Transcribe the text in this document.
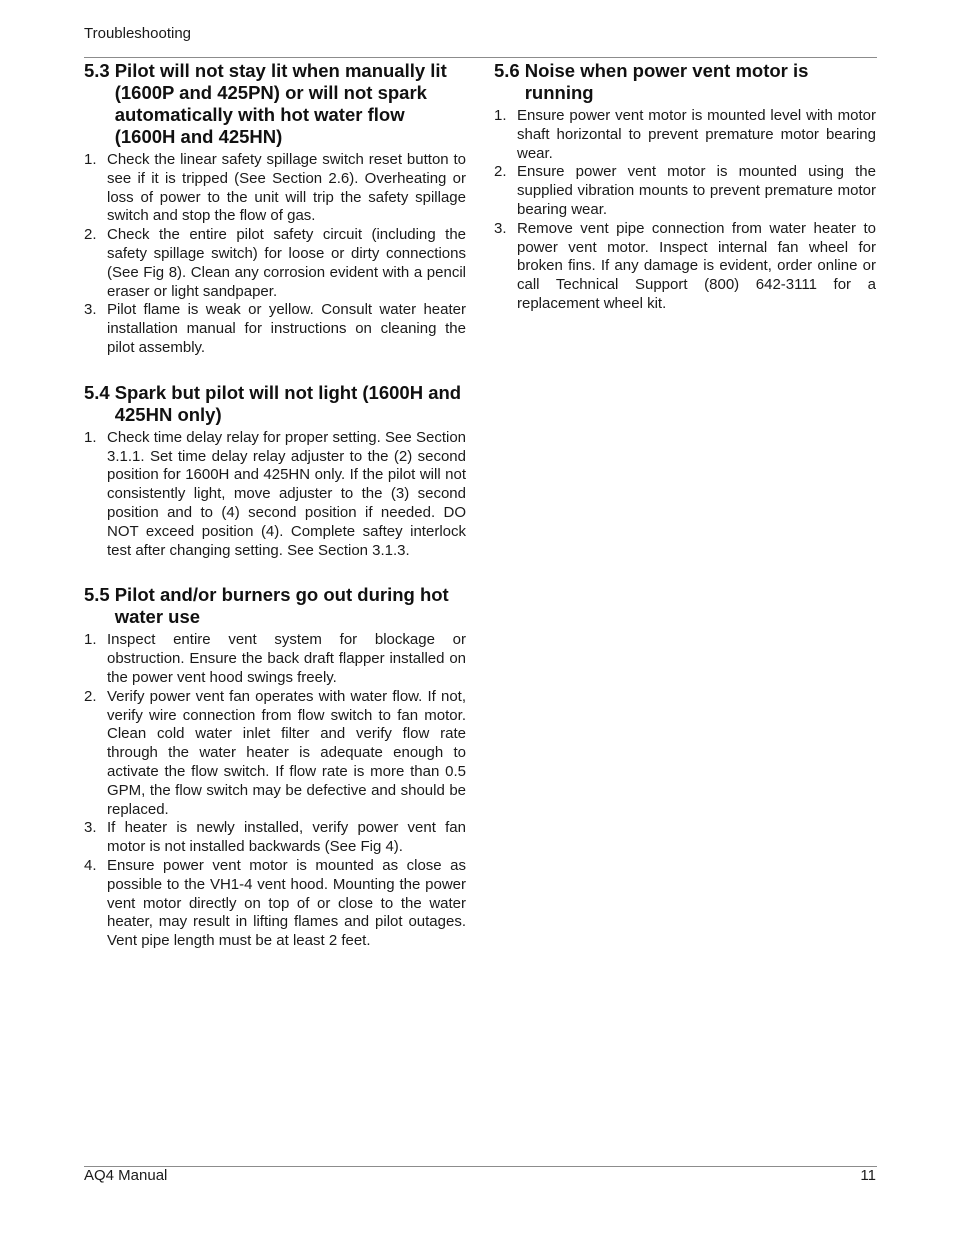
Troubleshooting
5.3 Pilot will not stay lit when manually lit (1600P and 425PN) or will not spark automatically with hot water flow (1600H and 425HN)
1. Check the linear safety spillage switch reset button to see if it is tripped (See Section 2.6). Overheating or loss of power to the unit will trip the safety spillage switch and stop the flow of gas.
2. Check the entire pilot safety circuit (including the safety spillage switch) for loose or dirty connections (See Fig 8). Clean any corrosion evident with a pencil eraser or light sandpaper.
3. Pilot flame is weak or yellow. Consult water heater installation manual for instructions on cleaning the pilot assembly.
5.4 Spark but pilot will not light (1600H and 425HN only)
1. Check time delay relay for proper setting. See Section 3.1.1. Set time delay relay adjuster to the (2) second position for 1600H and 425HN only. If the pilot will not consistently light, move adjuster to the (3) second position and to (4) second position if needed. DO NOT exceed position (4). Complete saftey interlock test after changing setting. See Section 3.1.3.
5.5 Pilot and/or burners go out during hot water use
1. Inspect entire vent system for blockage or obstruction. Ensure the back draft flapper installed on the power vent hood swings freely.
2. Verify power vent fan operates with water flow. If not, verify wire connection from flow switch to fan motor. Clean cold water inlet filter and verify flow rate through the water heater is adequate enough to activate the flow switch. If flow rate is more than 0.5 GPM, the flow switch may be defective and should be replaced.
3. If heater is newly installed, verify power vent fan motor is not installed backwards (See Fig 4).
4. Ensure power vent motor is mounted as close as possible to the VH1-4 vent hood. Mounting the power vent motor directly on top of or close to the water heater, may result in lifting flames and pilot outages. Vent pipe length must be at least 2 feet.
5.6 Noise when power vent motor is running
1. Ensure power vent motor is mounted level with motor shaft horizontal to prevent premature motor bearing wear.
2. Ensure power vent motor is mounted using the supplied vibration mounts to prevent premature motor bearing wear.
3. Remove vent pipe connection from water heater to power vent motor. Inspect internal fan wheel for broken fins. If any damage is evident, order online or call Technical Support (800) 642-3111 for a replacement wheel kit.
AQ4 Manual	11
